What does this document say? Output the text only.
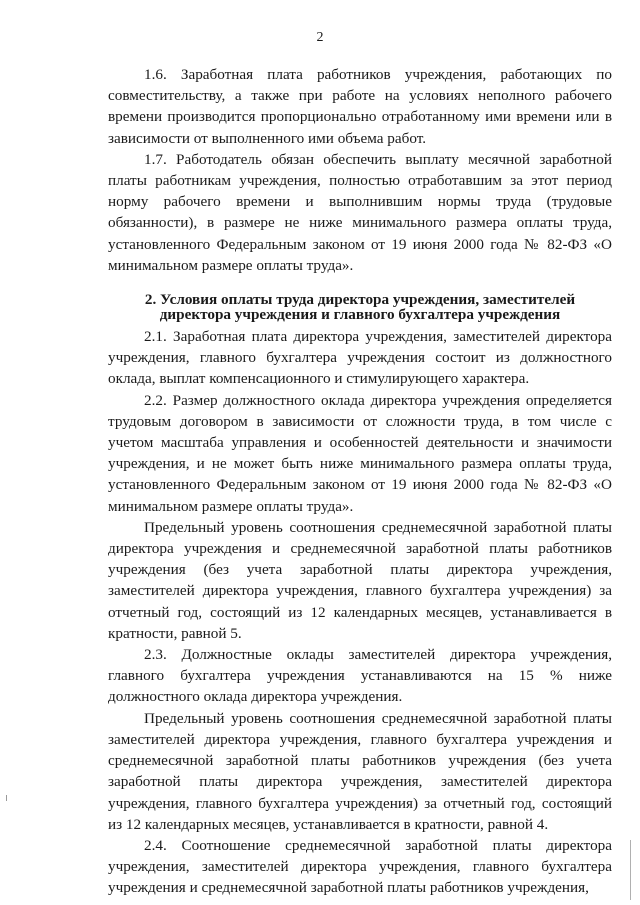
2

1.6. Заработная плата работников учреждения, работающих по совместительству, а также при работе на условиях неполного рабочего времени производится пропорционально отработанному ими времени или в зависимости от выполненного ими объема работ.

1.7. Работодатель обязан обеспечить выплату месячной заработной платы работникам учреждения, полностью отработавшим за этот период норму рабочего времени и выполнившим нормы труда (трудовые обязанности), в размере не ниже минимального размера оплаты труда, установленного Федеральным законом от 19 июня 2000 года № 82-ФЗ «О минимальном размере оплаты труда».

2. Условия оплаты труда директора учреждения, заместителей
директора учреждения и главного бухгалтера учреждения

2.1. Заработная плата директора учреждения, заместителей директора учреждения, главного бухгалтера учреждения состоит из должностного оклада, выплат компенсационного и стимулирующего характера.

2.2. Размер должностного оклада директора учреждения определяется трудовым договором в зависимости от сложности труда, в том числе с учетом масштаба управления и особенностей деятельности и значимости учреждения, и не может быть ниже минимального размера оплаты труда, установленного Федеральным законом от 19 июня 2000 года № 82-ФЗ «О минимальном размере оплаты труда».

Предельный уровень соотношения среднемесячной заработной платы директора учреждения и среднемесячной заработной платы работников учреждения (без учета заработной платы директора учреждения, заместителей директора учреждения, главного бухгалтера учреждения) за отчетный год, состоящий из 12 календарных месяцев, устанавливается в кратности, равной 5.

2.3. Должностные оклады заместителей директора учреждения, главного бухгалтера учреждения устанавливаются на 15 % ниже должностного оклада директора учреждения.

Предельный уровень соотношения среднемесячной заработной платы заместителей директора учреждения, главного бухгалтера учреждения и среднемесячной заработной платы работников учреждения (без учета заработной платы директора учреждения, заместителей директора учреждения, главного бухгалтера учреждения) за отчетный год, состоящий из 12 календарных месяцев, устанавливается в кратности, равной 4.

2.4. Соотношение среднемесячной заработной платы директора учреждения, заместителей директора учреждения, главного бухгалтера учреждения и среднемесячной заработной платы работников учреждения,
